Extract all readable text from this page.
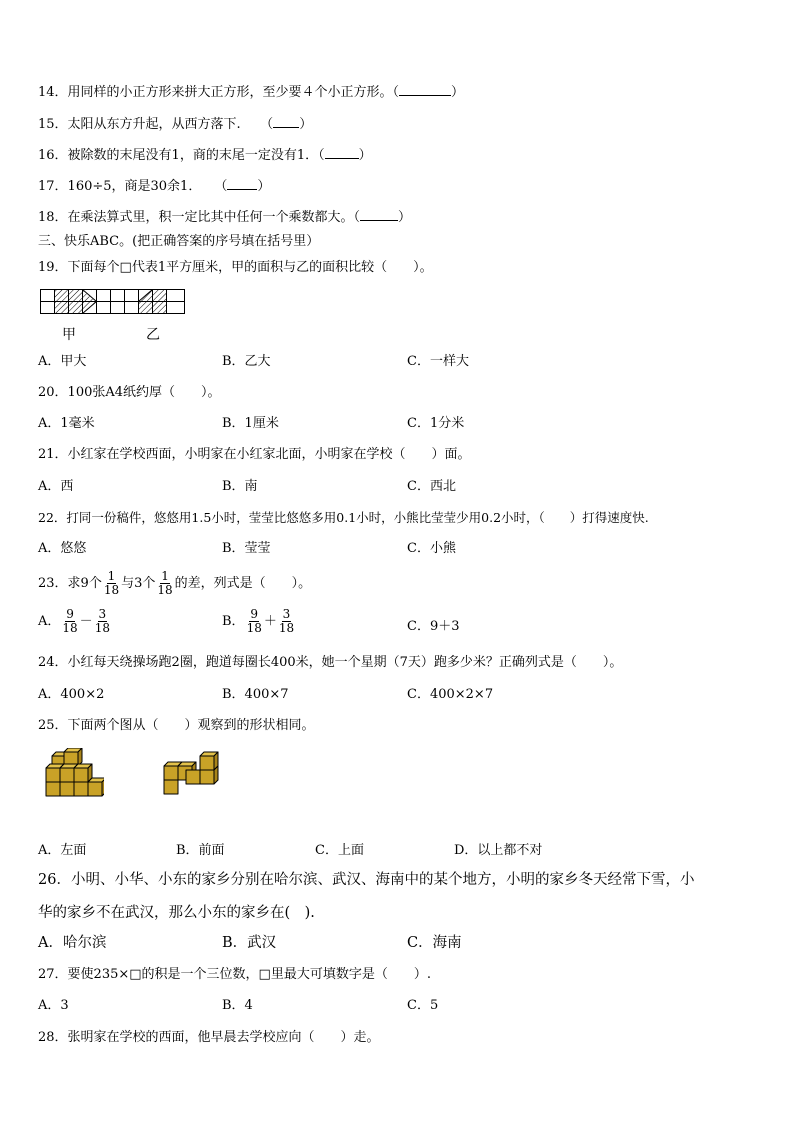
14．用同样的小正方形来拼大正方形，至少要４个小正方形。（	）
15．太阳从东方升起，从西方落下.　　（ ）
16．被除数的末尾没有1，商的末尾一定没有1．（	）
17．160÷5，商是30余1．　　（ ）
18．在乘法算式里，积一定比其中任何一个乘数都大。（	）
三、快乐ABC。(把正确答案的序号填在括号里）
19．下面每个□代表1平方厘米，甲的面积与乙的面积比较（　　）。
甲	乙
A．甲大	B．乙大	C．一样大
20．100张A4纸约厚（　　）。
A．1毫米	B．1厘米	C．1分米
21．小红家在学校西面，小明家在小红家北面，小明家在学校（　　）面。
A．西	B．南	C．西北
22．打同一份稿件，悠悠用1.5小时，莹莹比悠悠多用0.1小时，小熊比莹莹少用0.2小时，（　　）打得速度快.
A．悠悠	B．莹莹	C．小熊
23．求9个 $\frac{1}{18}$ 与3个 $\frac{1}{18}$ 的差，列式是（　　）。
A． $\frac{9}{18} - \frac{3}{18}$	B． $\frac{9}{18} + \frac{3}{18}$	C．9＋3
24．小红每天绕操场跑2圈，跑道每圈长400米，她一个星期（7天）跑多少米？正确列式是（　　）。
A．400×2	B．400×7	C．400×2×7
25．下面两个图从（　　）观察到的形状相同。
A．左面	B．前面	C．上面	D．以上都不对
26．小明、小华、小东的家乡分别在哈尔滨、武汉、海南中的某个地方，小明的家乡冬天经常下雪，小
华的家乡不在武汉，那么小东的家乡在(　).
A．哈尔滨	B．武汉	C．海南
27．要使235×□的积是一个三位数，□里最大可填数字是（　　）.
A．3	B．4	C．5
28．张明家在学校的西面，他早晨去学校应向（　　）走。
